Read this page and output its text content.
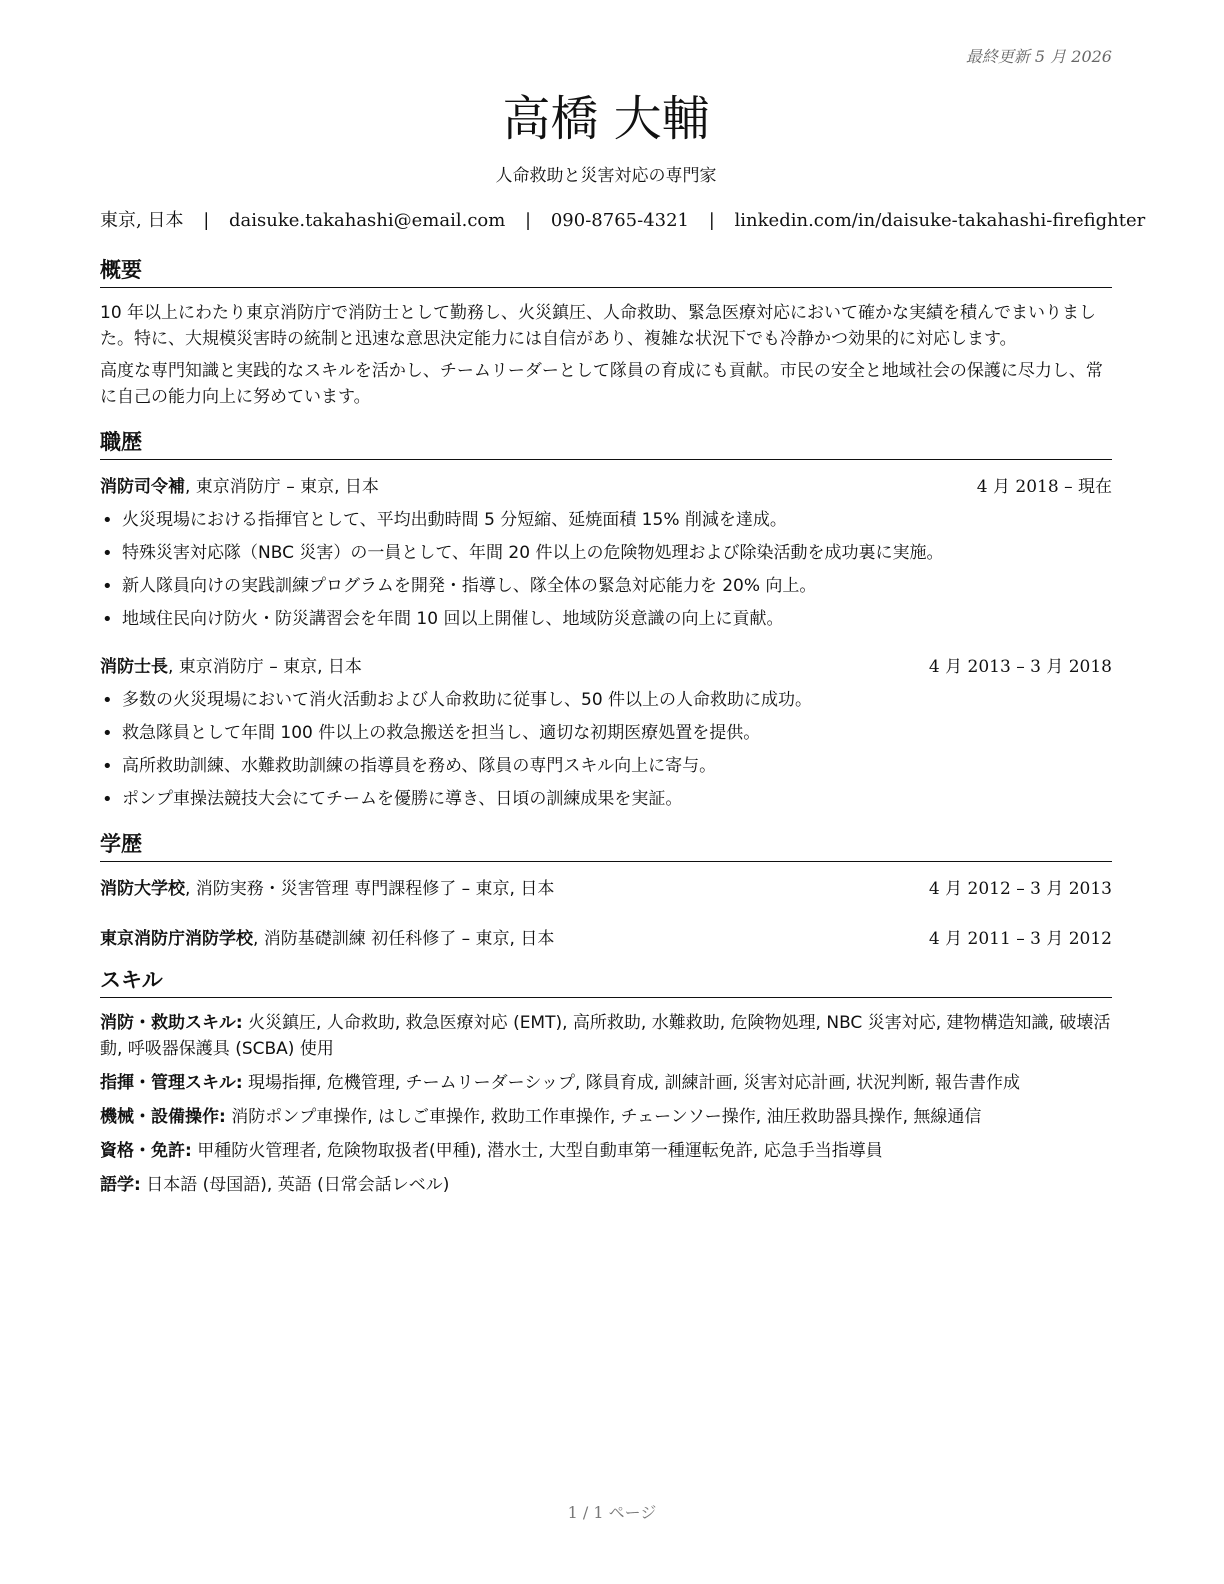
最終更新 5 月 2026
高橋 大輔
人命救助と災害対応の専門家
東京, 日本 | daisuke.takahashi@email.com | 090-8765-4321 | linkedin.com/in/daisuke-takahashi-firefighter
概要

10 年以上にわたり東京消防庁で消防士として勤務し、火災鎮圧、人命救助、緊急医療対応において確かな実績を積んでまいりました。特に、大規模災害時の統制と迅速な意思決定能力には自信があり、複雑な状況下でも冷静かつ効果的に対応します。

高度な専門知識と実践的なスキルを活かし、チームリーダーとして隊員の育成にも貢献。市民の安全と地域社会の保護に尽力し、常に自己の能力向上に努めています。

職歴
消防司令補, 東京消防庁 – 東京, 日本	4 月 2018 – 現在
• 火災現場における指揮官として、平均出動時間 5 分短縮、延焼面積 15% 削減を達成。
• 特殊災害対応隊（NBC 災害）の一員として、年間 20 件以上の危険物処理および除染活動を成功裏に実施。
• 新人隊員向けの実践訓練プログラムを開発・指導し、隊全体の緊急対応能力を 20% 向上。
• 地域住民向け防火・防災講習会を年間 10 回以上開催し、地域防災意識の向上に貢献。
消防士長, 東京消防庁 – 東京, 日本	4 月 2013 – 3 月 2018
• 多数の火災現場において消火活動および人命救助に従事し、50 件以上の人命救助に成功。
• 救急隊員として年間 100 件以上の救急搬送を担当し、適切な初期医療処置を提供。
• 高所救助訓練、水難救助訓練の指導員を務め、隊員の専門スキル向上に寄与。
• ポンプ車操法競技大会にてチームを優勝に導き、日頃の訓練成果を実証。
学歴
消防大学校, 消防実務・災害管理 専門課程修了 – 東京, 日本	4 月 2012 – 3 月 2013
東京消防庁消防学校, 消防基礎訓練 初任科修了 – 東京, 日本	4 月 2011 – 3 月 2012
スキル
消防・救助スキル: 火災鎮圧, 人命救助, 救急医療対応 (EMT), 高所救助, 水難救助, 危険物処理, NBC 災害対応, 建物構造知識, 破壊活動, 呼吸器保護具 (SCBA) 使用
指揮・管理スキル: 現場指揮, 危機管理, チームリーダーシップ, 隊員育成, 訓練計画, 災害対応計画, 状況判断, 報告書作成
機械・設備操作: 消防ポンプ車操作, はしご車操作, 救助工作車操作, チェーンソー操作, 油圧救助器具操作, 無線通信
資格・免許: 甲種防火管理者, 危険物取扱者(甲種), 潜水士, 大型自動車第一種運転免許, 応急手当指導員
語学: 日本語 (母国語), 英語 (日常会話レベル)
1 / 1 ページ
